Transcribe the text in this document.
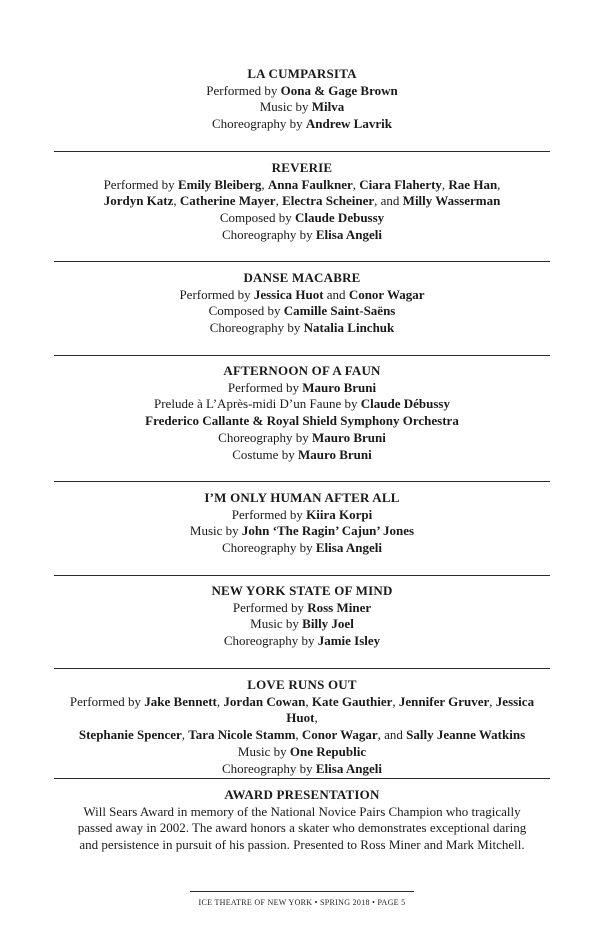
LA CUMPARSITA
Performed by Oona & Gage Brown
Music by Milva
Choreography by Andrew Lavrik
REVERIE
Performed by Emily Bleiberg, Anna Faulkner, Ciara Flaherty, Rae Han,
Jordyn Katz, Catherine Mayer, Electra Scheiner, and Milly Wasserman
Composed by Claude Debussy
Choreography by Elisa Angeli
DANSE MACABRE
Performed by Jessica Huot and Conor Wagar
Composed by Camille Saint-Saëns
Choreography by Natalia Linchuk
AFTERNOON OF A FAUN
Performed by Mauro Bruni
Prelude à L’Après-midi D’un Faune by Claude Débussy
Frederico Callante & Royal Shield Symphony Orchestra
Choreography by Mauro Bruni
Costume by Mauro Bruni
I’M ONLY HUMAN AFTER ALL
Performed by Kiira Korpi
Music by John ‘The Ragin’ Cajun’ Jones
Choreography by Elisa Angeli
NEW YORK STATE OF MIND
Performed by Ross Miner
Music by Billy Joel
Choreography by Jamie Isley
LOVE RUNS OUT
Performed by Jake Bennett, Jordan Cowan, Kate Gauthier, Jennifer Gruver, Jessica Huot,
Stephanie Spencer, Tara Nicole Stamm, Conor Wagar, and Sally Jeanne Watkins
Music by One Republic
Choreography by Elisa Angeli
AWARD PRESENTATION
Will Sears Award in memory of the National Novice Pairs Champion who tragically
passed away in 2002. The award honors a skater who demonstrates exceptional daring
and persistence in pursuit of his passion. Presented to Ross Miner and Mark Mitchell.
ICE THEATRE OF NEW YORK • SPRING 2018 • PAGE 5
